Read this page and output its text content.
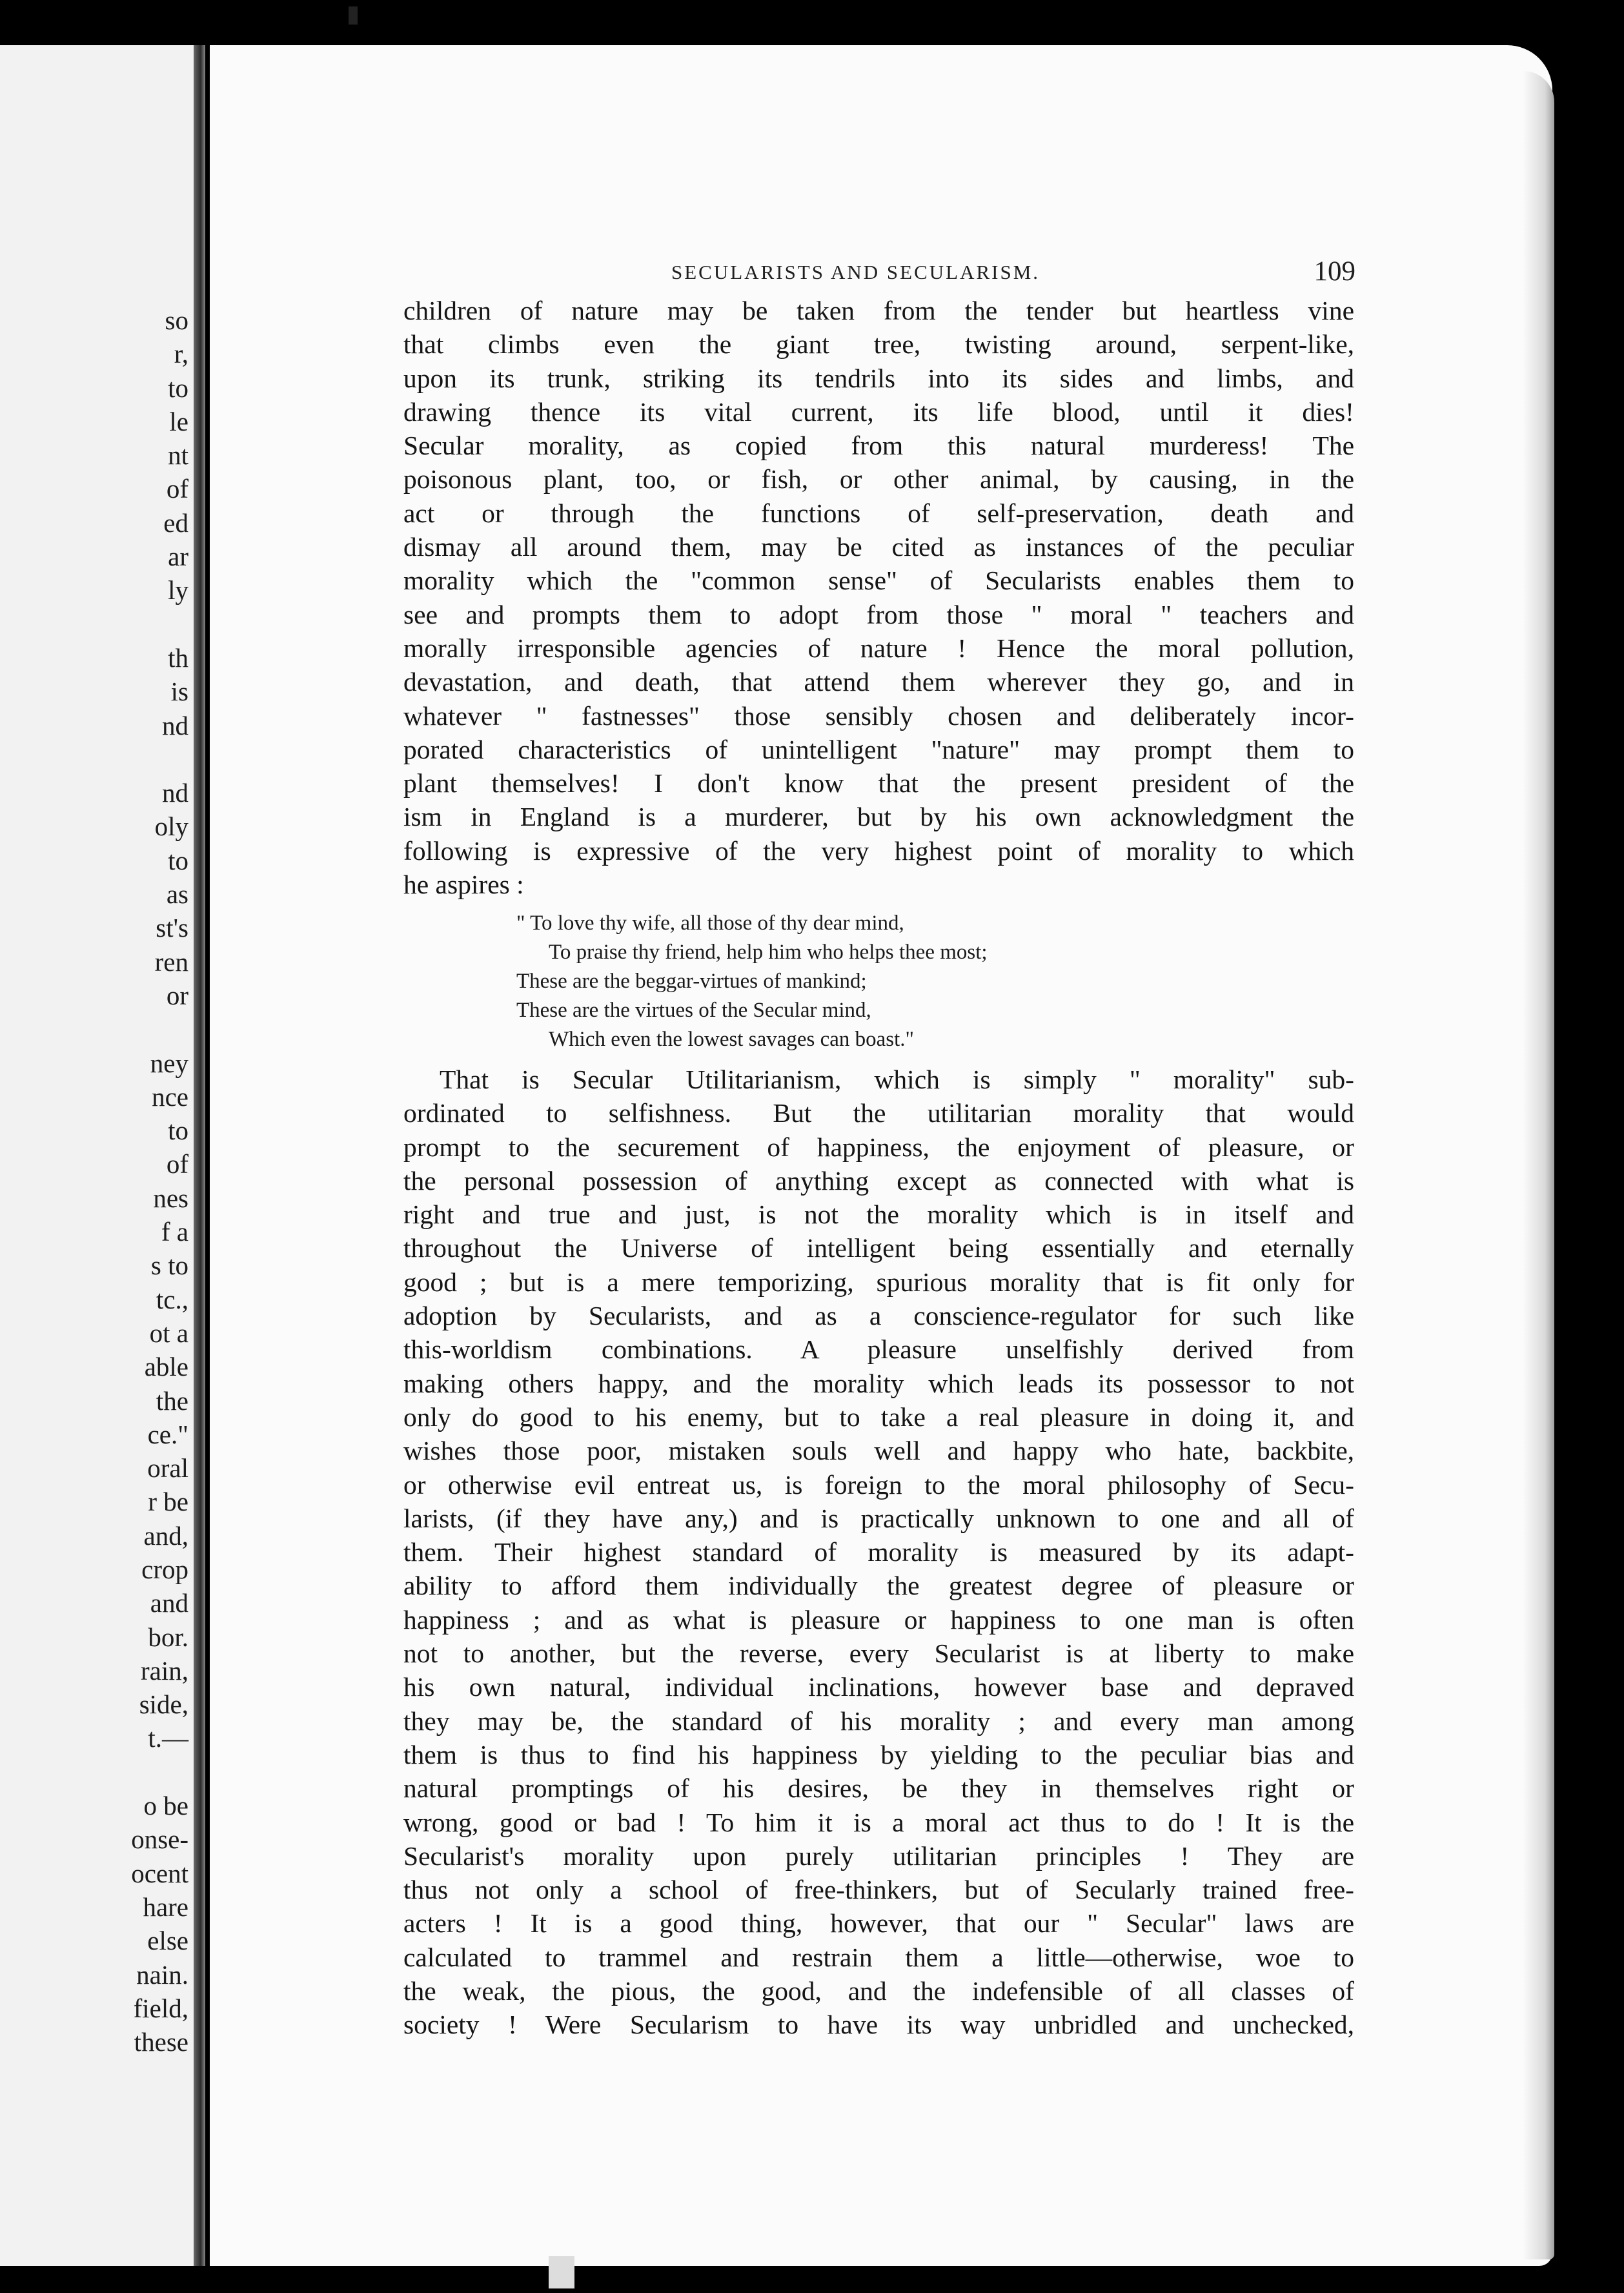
so
r,
to
le
nt
of
ed
ar
ly
th
is
nd
nd
oly
to
as
st's
ren
or
ney
nce
to
of
nes
f a
s to
tc.,
ot a
able
the
ce."
oral
r be
and,
crop
and
bor.
rain,
side,
t.—
o be
onse-
ocent
hare
else
nain.
field,
these
SECULARISTS AND SECULARISM.	109
children of nature may be taken from the tender but heartless vine
that climbs even the giant tree, twisting around, serpent-like,
upon its trunk, striking its tendrils into its sides and limbs, and
drawing thence its vital current, its life blood, until it dies!
Secular morality, as copied from this natural murderess! The
poisonous plant, too, or fish, or other animal, by causing, in the
act or through the functions of self-preservation, death and
dismay all around them, may be cited as instances of the peculiar
morality which the "common sense" of Secularists enables them to
see and prompts them to adopt from those " moral " teachers and
morally irresponsible agencies of nature ! Hence the moral pollution,
devastation, and death, that attend them wherever they go, and in
whatever " fastnesses" those sensibly chosen and deliberately incor-
porated characteristics of unintelligent "nature" may prompt them to
plant themselves! I don't know that the present president of the
ism in England is a murderer, but by his own acknowledgment the
following is expressive of the very highest point of morality to which
he aspires :
" To love thy wife, all those of thy dear mind,
To praise thy friend, help him who helps thee most;
These are the beggar-virtues of mankind;
These are the virtues of the Secular mind,
Which even the lowest savages can boast."
That is Secular Utilitarianism, which is simply " morality" sub-
ordinated to selfishness. But the utilitarian morality that would
prompt to the securement of happiness, the enjoyment of pleasure, or
the personal possession of anything except as connected with what is
right and true and just, is not the morality which is in itself and
throughout the Universe of intelligent being essentially and eternally
good ; but is a mere temporizing, spurious morality that is fit only for
adoption by Secularists, and as a conscience-regulator for such like
this-worldism combinations. A pleasure unselfishly derived from
making others happy, and the morality which leads its possessor to not
only do good to his enemy, but to take a real pleasure in doing it, and
wishes those poor, mistaken souls well and happy who hate, backbite,
or otherwise evil entreat us, is foreign to the moral philosophy of Secu-
larists, (if they have any,) and is practically unknown to one and all of
them. Their highest standard of morality is measured by its adapt-
ability to afford them individually the greatest degree of pleasure or
happiness ; and as what is pleasure or happiness to one man is often
not to another, but the reverse, every Secularist is at liberty to make
his own natural, individual inclinations, however base and depraved
they may be, the standard of his morality ; and every man among
them is thus to find his happiness by yielding to the peculiar bias and
natural promptings of his desires, be they in themselves right or
wrong, good or bad ! To him it is a moral act thus to do ! It is the
Secularist's morality upon purely utilitarian principles ! They are
thus not only a school of free-thinkers, but of Secularly trained free-
acters ! It is a good thing, however, that our " Secular" laws are
calculated to trammel and restrain them a little—otherwise, woe to
the weak, the pious, the good, and the indefensible of all classes of
society ! Were Secularism to have its way unbridled and unchecked,
